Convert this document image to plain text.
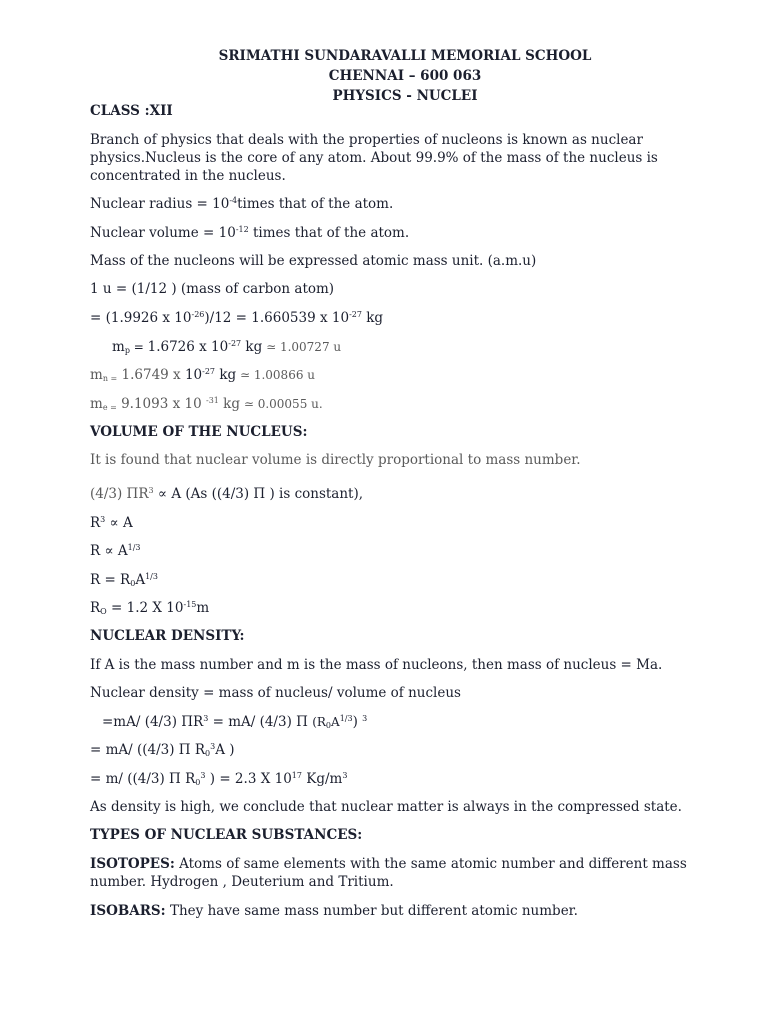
SRIMATHI SUNDARAVALLI MEMORIAL SCHOOL
CHENNAI – 600 063
PHYSICS - NUCLEI
CLASS :XII
Branch of physics that deals with the properties of nucleons is known as nuclear physics.Nucleus is the core of any atom. About 99.9% of the mass of the nucleus is concentrated in the nucleus.
Nuclear radius = $10^{-4}times$ that of the atom.
Nuclear volume = $10^{-12}$ times that of the atom.
Mass of the nucleons will be expressed atomic mass unit. (a.m.u)
1 u = (1/12 ) (mass of carbon atom)
= (1.9926 x $10^{-26})/12 = 1.660539$ x $10^{-27}$ kg
$m_p = 1.6726$ x $10^{-27}$ kg ≃ 1.00727 u
$m_{n =}$ 1.6749 x $10^{-27}$ kg ≃ 1.00866 u
$m_{e =}$ 9.1093 x 10 $^{-31}$ kg ≃ 0.00055 u.
VOLUME OF THE NUCLEUS:
It is found that nuclear volume is directly proportional to mass number.
(4/3) $\Pi R^3 \propto A$ (As ((4/3) Π ) is constant),
$R^3 \propto A$
$R \propto A^{1/3}$
$R = R_0A^{1/3}$
$R_O = 1.2$ X $10^{-15}m$
NUCLEAR DENSITY:
If A is the mass number and m is the mass of nucleons, then mass of nucleus = Ma.
Nuclear density = mass of nucleus/ volume of nucleus
=mA/ (4/3) $\Pi R^3 = mA/$ (4/3) Π $(R_0A^{1/3})$ $^3$
= mA/ ((4/3) Π $R_0^3A$ )
= m/ ((4/3) Π $R_0^3$ ) = 2.3 X $10^{17}$ $Kg/m^3$
As density is high, we conclude that nuclear matter is always in the compressed state.
TYPES OF NUCLEAR SUBSTANCES:
ISOTOPES: Atoms of same elements with the same atomic number and different mass number. Hydrogen , Deuterium and Tritium.
ISOBARS: They have same mass number but different atomic number.
